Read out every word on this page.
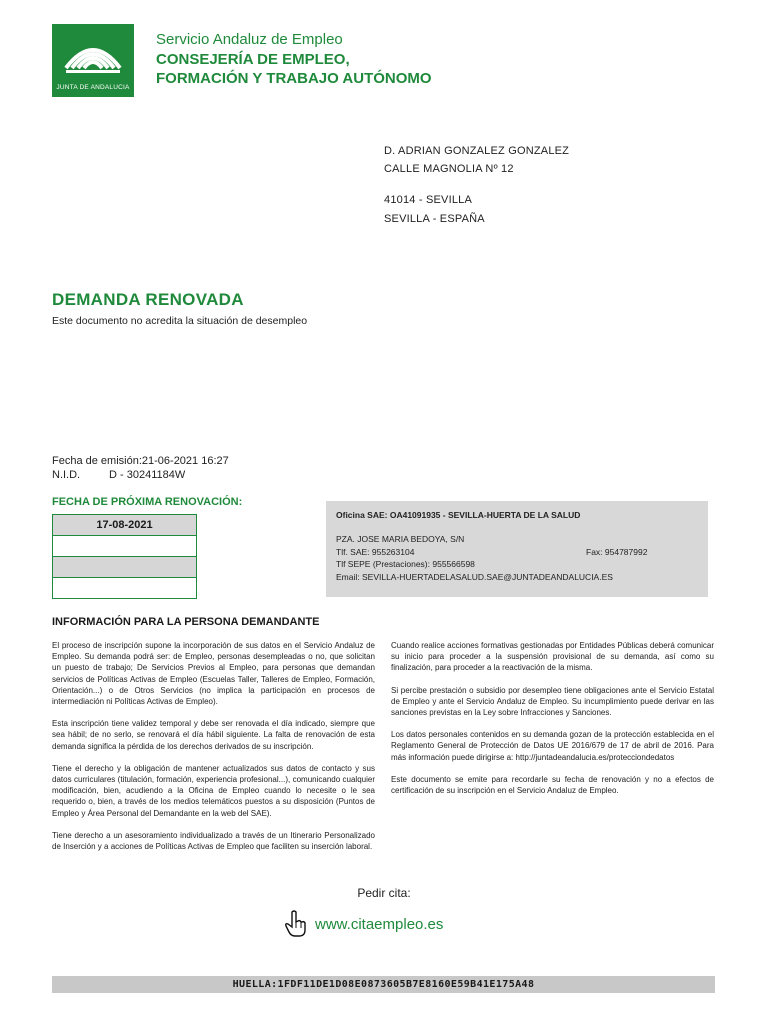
JUNTA DE ANDALUCIA
Servicio Andaluz de Empleo
CONSEJERÍA DE EMPLEO,
FORMACIÓN Y TRABAJO AUTÓNOMO
D. ADRIAN GONZALEZ GONZALEZ
CALLE MAGNOLIA Nº 12
41014 - SEVILLA
SEVILLA - ESPAÑA
DEMANDA RENOVADA
Este documento no acredita la situación de desempleo
Fecha de emisión:21-06-2021 16:27
N.I.D.	D - 30241184W
FECHA DE PRÓXIMA RENOVACIÓN:
17-08-2021
Oficina SAE: OA41091935 - SEVILLA-HUERTA DE LA SALUD
PZA. JOSE MARIA BEDOYA, S/N
Tlf. SAE: 955263104	Fax: 954787992
Tlf SEPE (Prestaciones): 955566598
Email: SEVILLA-HUERTADELASALUD.SAE@JUNTADEANDALUCIA.ES
INFORMACIÓN PARA LA PERSONA DEMANDANTE

El proceso de inscripción supone la incorporación de sus datos en el Servicio Andaluz de Empleo. Su demanda podrá ser: de Empleo, personas desempleadas o no, que solicitan un puesto de trabajo; De Servicios Previos al Empleo, para personas que demandan servicios de Políticas Activas de Empleo (Escuelas Taller, Talleres de Empleo, Formación, Orientación...) o de Otros Servicios (no implica la participación en procesos de intermediación ni Políticas Activas de Empleo).

Esta inscripción tiene validez temporal y debe ser renovada el día indicado, siempre que sea hábil; de no serlo, se renovará el día hábil siguiente. La falta de renovación de esta demanda significa la pérdida de los derechos derivados de su inscripción.

Tiene el derecho y la obligación de mantener actualizados sus datos de contacto y sus datos curriculares (titulación, formación, experiencia profesional...), comunicando cualquier modificación, bien, acudiendo a la Oficina de Empleo cuando lo necesite o le sea requerido o, bien, a través de los medios telemáticos puestos a su disposición (Puntos de Empleo y Área Personal del Demandante en la web del SAE).

Tiene derecho a un asesoramiento individualizado a través de un Itinerario Personalizado de Inserción y a acciones de Políticas Activas de Empleo que faciliten su inserción laboral.

Cuando realice acciones formativas gestionadas por Entidades Públicas deberá comunicar su inicio para proceder a la suspensión provisional de su demanda, así como su finalización, para proceder a la reactivación de la misma.

Si percibe prestación o subsidio por desempleo tiene obligaciones ante el Servicio Estatal de Empleo y ante el Servicio Andaluz de Empleo. Su incumplimiento puede derivar en las sanciones previstas en la Ley sobre Infracciones y Sanciones.

Los datos personales contenidos en su demanda gozan de la protección establecida en el Reglamento General de Protección de Datos UE 2016/679 de 17 de abril de 2016. Para más información puede dirigirse a: http://juntadeandalucia.es/protecciondedatos

Este documento se emite para recordarle su fecha de renovación y no a efectos de certificación de su inscripción en el Servicio Andaluz de Empleo.

Pedir cita:
www.citaempleo.es
HUELLA:1FDF11DE1D08E0873605B7E8160E59B41E175A48
